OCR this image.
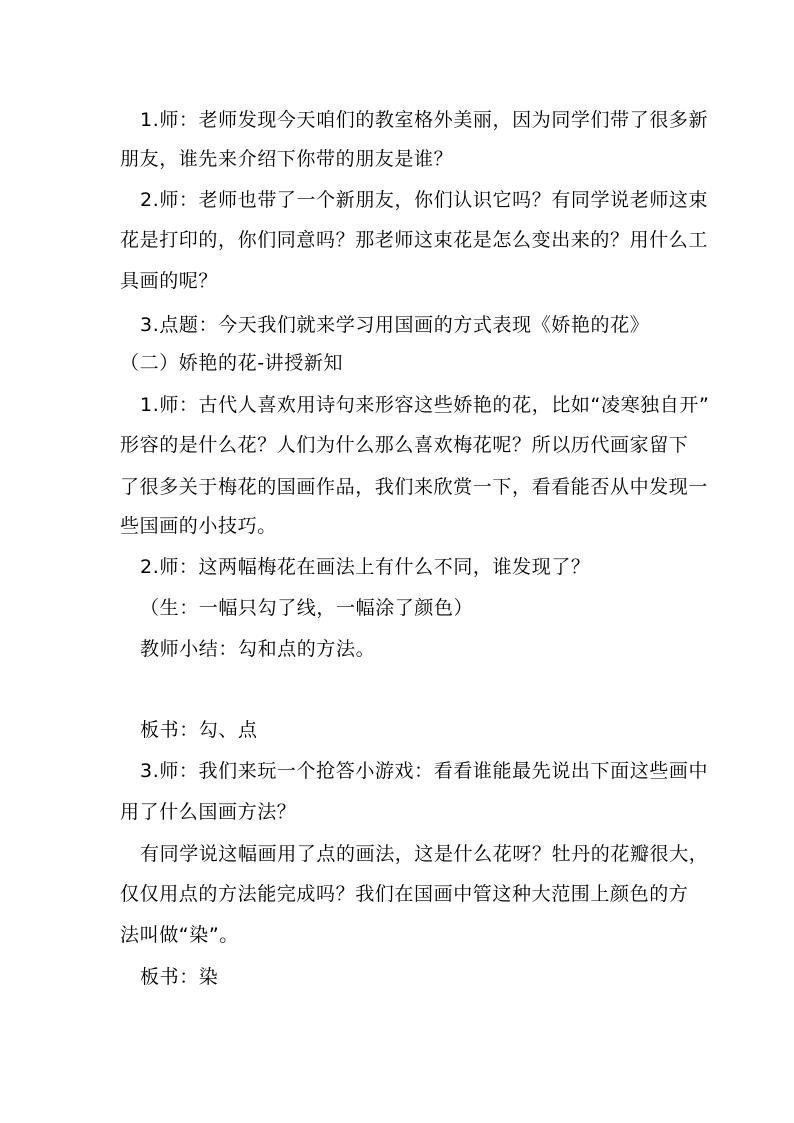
1.师：老师发现今天咱们的教室格外美丽，因为同学们带了很多新
朋友，谁先来介绍下你带的朋友是谁？
2.师：老师也带了一个新朋友，你们认识它吗？有同学说老师这束
花是打印的，你们同意吗？那老师这束花是怎么变出来的？用什么工
具画的呢？
3.点题：今天我们就来学习用国画的方式表现《娇艳的花》
（二）娇艳的花-讲授新知
1.师：古代人喜欢用诗句来形容这些娇艳的花，比如“凌寒独自开”
形容的是什么花？人们为什么那么喜欢梅花呢？所以历代画家留下
了很多关于梅花的国画作品，我们来欣赏一下，看看能否从中发现一
些国画的小技巧。
2.师：这两幅梅花在画法上有什么不同，谁发现了？
（生：一幅只勾了线，一幅涂了颜色）
教师小结：勾和点的方法。
板书：勾、点
3.师：我们来玩一个抢答小游戏：看看谁能最先说出下面这些画中
用了什么国画方法？
有同学说这幅画用了点的画法，这是什么花呀？牡丹的花瓣很大，
仅仅用点的方法能完成吗？我们在国画中管这种大范围上颜色的方
法叫做“染”。
板书：染
